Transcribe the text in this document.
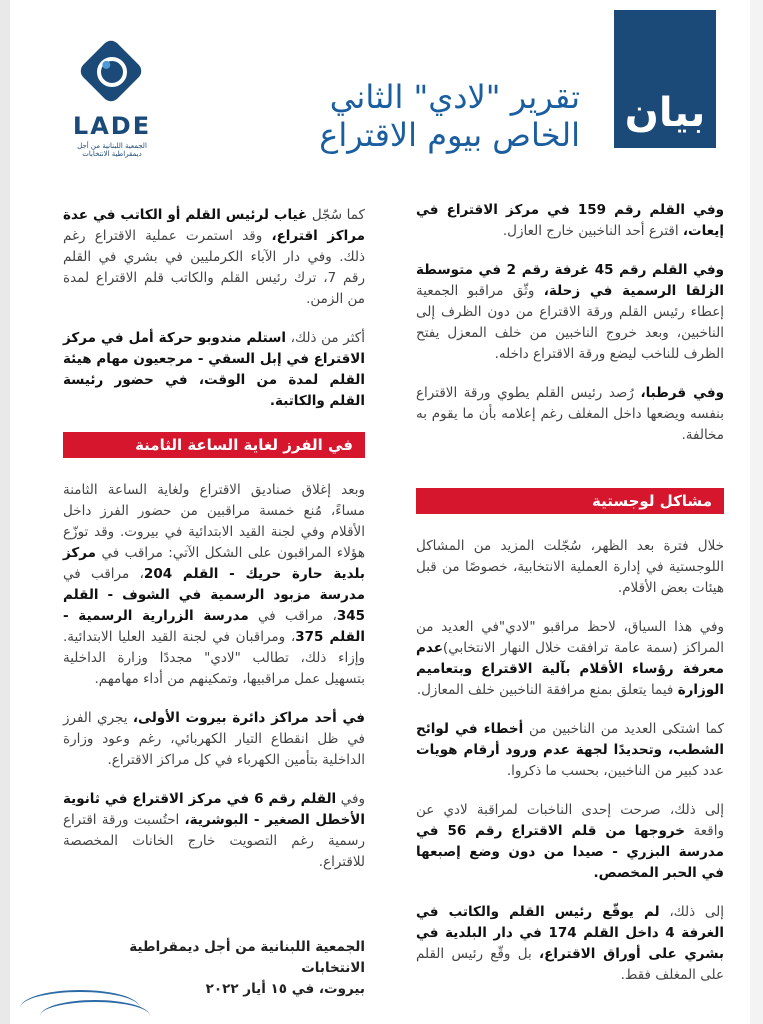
LADE
الجمعية اللبنانية من أجل ديمقراطية الانتخابات
تقرير "لادي" الثاني
الخاص بيوم الاقتراع بيان

وفي القلم رقم 159 في مركز الاقتراع في إيعات، اقترع أحد الناخبين خارج العازل.

وفي القلم رقم 45 غرفة رقم 2 في متوسطة الزلقا الرسمية في زحلة، وثّق مراقبو الجمعية إعطاء رئيس القلم ورقة الاقتراع من دون الظرف إلى الناخبين، وبعد خروج الناخبين من خلف المعزل يفتح الظرف للناخب ليضع ورقة الاقتراع داخله.

وفي قرطبا، رُصد رئيس القلم يطوي ورقة الاقتراع بنفسه ويضعها داخل المغلف رغم إعلامه بأن ما يقوم به مخالفة.

مشاكل لوجستية

خلال فترة بعد الظهر، سُجّلت المزيد من المشاكل اللوجستية في إدارة العملية الانتخابية، خصوصًا من قبل هيئات بعض الأقلام.

وفي هذا السياق، لاحظ مراقبو "لادي"في العديد من المراكز (سمة عامة ترافقت خلال النهار الانتخابي)عدم معرفة رؤساء الأقلام بآلية الاقتراع وبتعاميم الوزارة فيما يتعلق بمنع مرافقة الناخبين خلف المعازل.

كما اشتكى العديد من الناخبين من أخطاء في لوائح الشطب، وتحديدًا لجهة عدم ورود أرقام هويات عدد كبير من الناخبين، بحسب ما ذكروا.

إلى ذلك، صرحت إحدى الناخبات لمراقبة لادي عن واقعة خروجها من قلم الاقتراع رقم 56 في مدرسة البزري - صيدا من دون وضع إصبعها في الحبر المخصص.

إلى ذلك، لم يوقّع رئيس القلم والكاتب في الغرفة 4 داخل القلم 174 في دار البلدية في بشري على أوراق الاقتراع، بل وقّع رئيس القلم على المغلف فقط.

كما سُجّل غياب لرئيس القلم أو الكاتب في عدة مراكز اقتراع، وقد استمرت عملية الاقتراع رغم ذلك. وفي دار الآباء الكرمليين في بشري في القلم رقم 7، ترك رئيس القلم والكاتب قلم الاقتراع لمدة من الزمن.

أكثر من ذلك، استلم مندوبو حركة أمل في مركز الاقتراع في إبل السقي - مرجعيون مهام هيئة القلم لمدة من الوقت، في حضور رئيسة القلم والكاتبة.

في الفرز لغاية الساعة الثامنة

وبعد إغلاق صناديق الاقتراع ولغاية الساعة الثامنة مساءً، مُنع خمسة مراقبين من حضور الفرز داخل الأقلام وفي لجنة القيد الابتدائية في بيروت. وقد توزّع هؤلاء المراقبون على الشكل الآتي: مراقب في مركز بلدية حارة حريك - القلم 204، مراقب في مدرسة مزبود الرسمية في الشوف - القلم 345، مراقب في مدرسة الزرارية الرسمية - القلم 375، ومراقبان في لجنة القيد العليا الابتدائية. وإزاء ذلك، تطالب "لادي" مجددًا وزارة الداخلية بتسهيل عمل مراقبيها، وتمكينهم من أداء مهامهم.

في أحد مراكز دائرة بيروت الأولى، يجري الفرز في ظل انقطاع التيار الكهربائي، رغم وعود وزارة الداخلية بتأمين الكهرباء في كل مراكز الاقتراع.

وفي القلم رقم 6 في مركز الاقتراع في ثانوية الأخطل الصغير - البوشرية، احتُسبت ورقة اقتراع رسمية رغم التصويت خارج الخانات المخصصة للاقتراع.

الجمعية اللبنانية من أجل ديمقراطية الانتخابات
بيروت، في ١٥ أيار ٢٠٢٢
